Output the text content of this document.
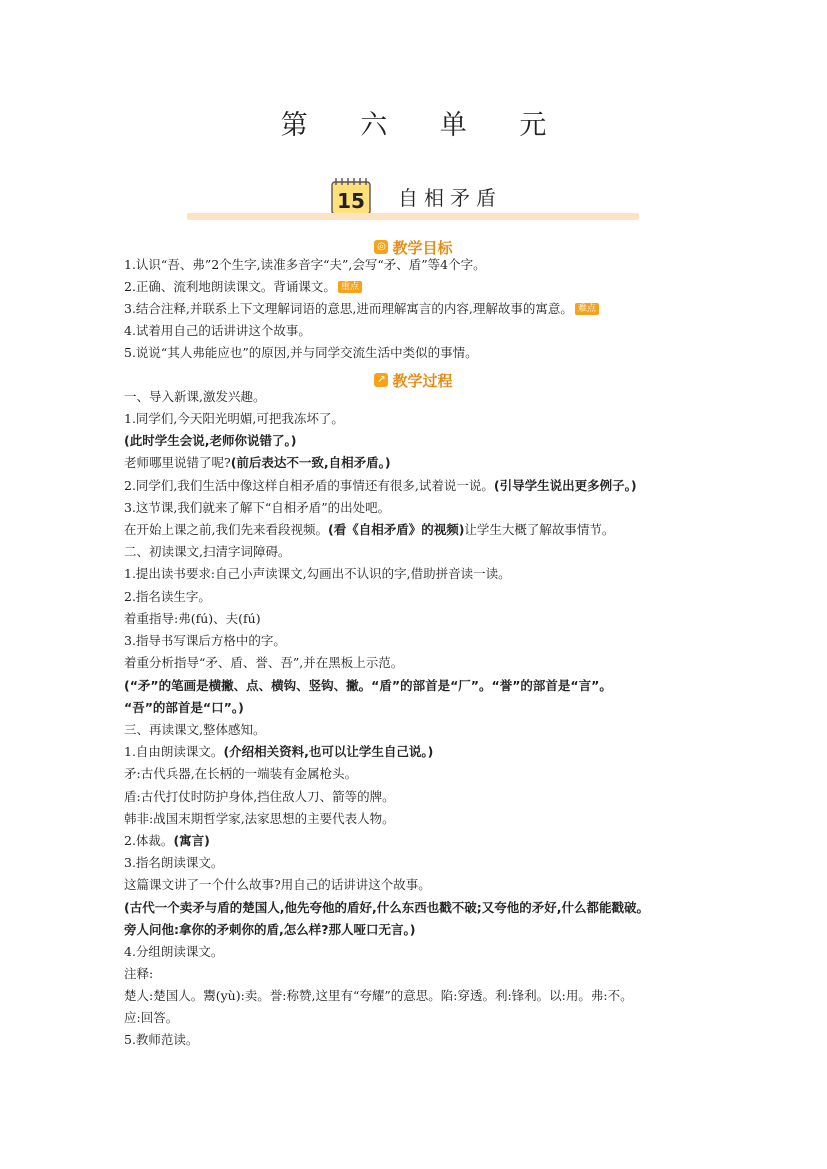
第 六 单 元
15 自相矛盾
◎ 教学目标
1.认识“吾、弗”2个生字,读准多音字“夫”,会写“矛、盾”等4个字。
2.正确、流利地朗读课文。背诵课文。 重点
3.结合注释,并联系上下文理解词语的意思,进而理解寓言的内容,理解故事的寓意。 难点
4.试着用自己的话讲讲这个故事。
5.说说“其人弗能应也”的原因,并与同学交流生活中类似的事情。
↗ 教学过程
一、导入新课,激发兴趣。
1.同学们,今天阳光明媚,可把我冻坏了。
(此时学生会说,老师你说错了。)
老师哪里说错了呢?(前后表达不一致,自相矛盾。)
2.同学们,我们生活中像这样自相矛盾的事情还有很多,试着说一说。(引导学生说出更多例子。)
3.这节课,我们就来了解下“自相矛盾”的出处吧。
在开始上课之前,我们先来看段视频。(看《自相矛盾》的视频)让学生大概了解故事情节。
二、初读课文,扫清字词障碍。
1.提出读书要求:自己小声读课文,勾画出不认识的字,借助拼音读一读。
2.指名读生字。
着重指导:弗(fú)、夫(fú)
3.指导书写课后方格中的字。
着重分析指导“矛、盾、誉、吾”,并在黑板上示范。
(“矛”的笔画是横撇、点、横钩、竖钩、撇。“盾”的部首是“厂”。“誉”的部首是“言”。
“吾”的部首是“口”。)
三、再读课文,整体感知。
1.自由朗读课文。(介绍相关资料,也可以让学生自己说。)
矛:古代兵器,在长柄的一端装有金属枪头。
盾:古代打仗时防护身体,挡住敌人刀、箭等的牌。
韩非:战国末期哲学家,法家思想的主要代表人物。
2.体裁。(寓言)
3.指名朗读课文。
这篇课文讲了一个什么故事?用自己的话讲讲这个故事。
(古代一个卖矛与盾的楚国人,他先夸他的盾好,什么东西也戳不破;又夸他的矛好,什么都能戳破。
旁人问他:拿你的矛刺你的盾,怎么样?那人哑口无言。)
4.分组朗读课文。
注释:
楚人:楚国人。鬻(yù):卖。誉:称赞,这里有“夸耀”的意思。陷:穿透。利:锋利。以:用。弗:不。
应:回答。
5.教师范读。
